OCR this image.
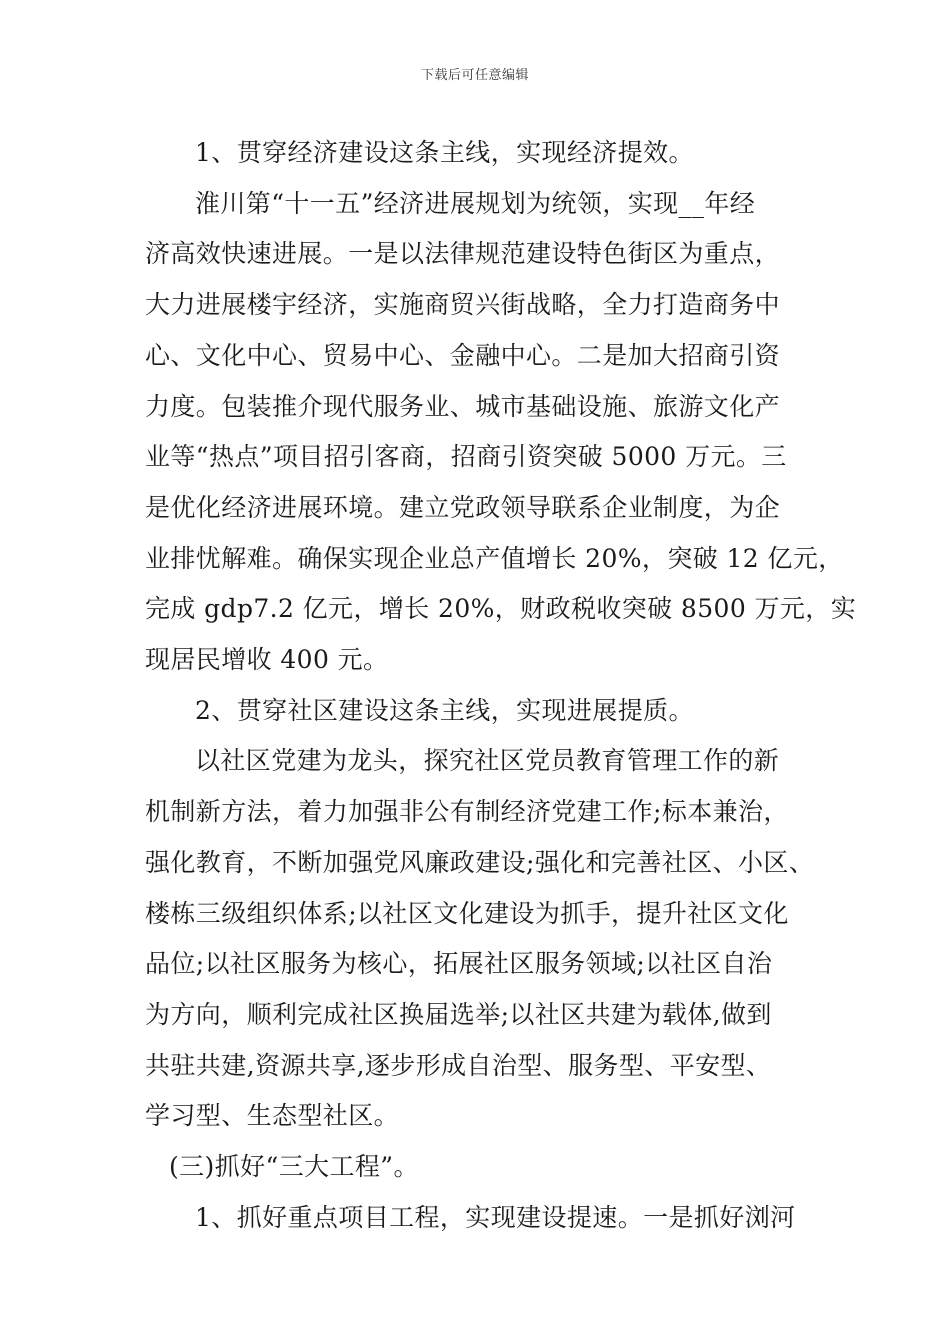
下载后可任意编辑

1、贯穿经济建设这条主线，实现经济提效。

淮川第“十一五”经济进展规划为统领，实现__年经
济高效快速进展。一是以法律规范建设特色街区为重点，
大力进展楼宇经济，实施商贸兴街战略，全力打造商务中
心、文化中心、贸易中心、金融中心。二是加大招商引资
力度。包装推介现代服务业、城市基础设施、旅游文化产
业等“热点”项目招引客商，招商引资突破 5000 万元。三
是优化经济进展环境。建立党政领导联系企业制度，为企
业排忧解难。确保实现企业总产值增长 20%，突破 12 亿元，
完成 gdp7.2 亿元，增长 20%，财政税收突破 8500 万元，实
现居民增收 400 元。

2、贯穿社区建设这条主线，实现进展提质。

以社区党建为龙头，探究社区党员教育管理工作的新
机制新方法，着力加强非公有制经济党建工作;标本兼治，
强化教育，不断加强党风廉政建设;强化和完善社区、小区、
楼栋三级组织体系;以社区文化建设为抓手，提升社区文化
品位;以社区服务为核心，拓展社区服务领域;以社区自治
为方向，顺利完成社区换届选举;以社区共建为载体,做到
共驻共建,资源共享,逐步形成自治型、服务型、平安型、
学习型、生态型社区。

(三)抓好“三大工程”。

1、抓好重点项目工程，实现建设提速。一是抓好浏河
